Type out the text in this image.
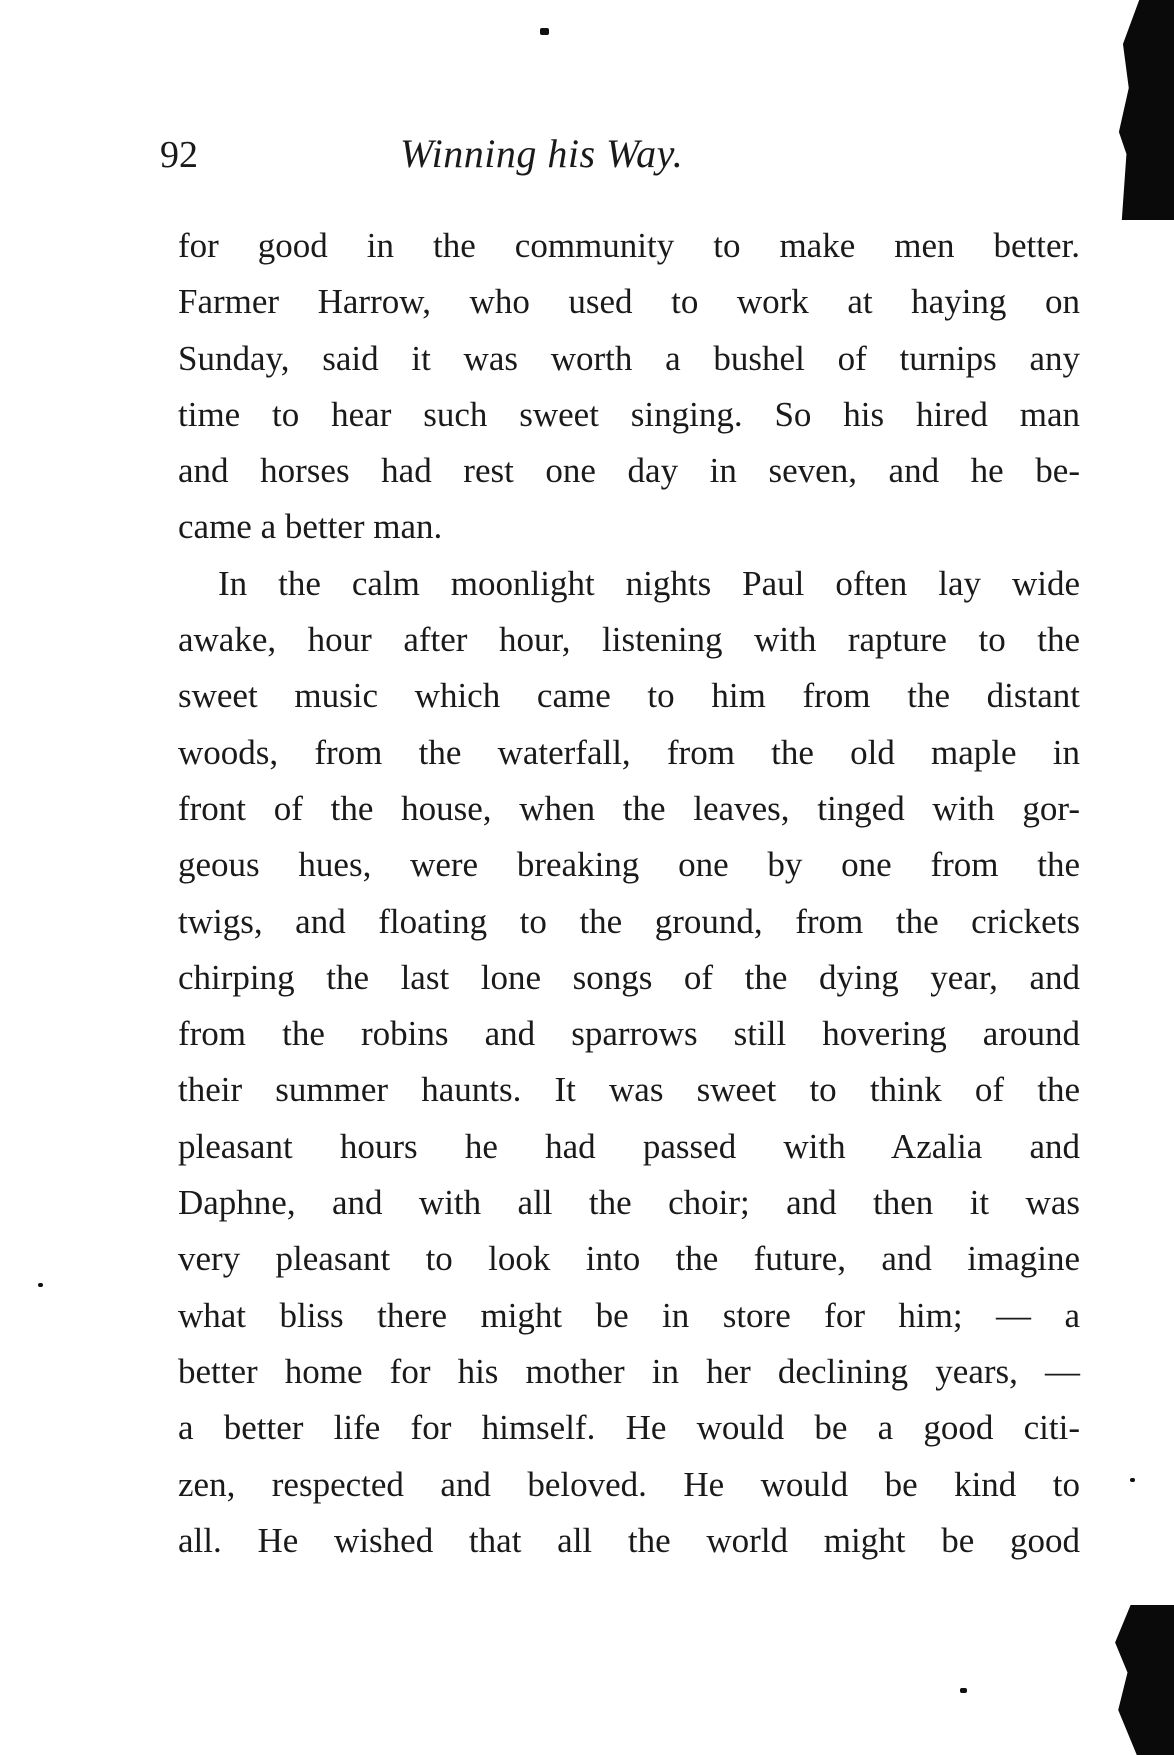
92	Winning his Way.

for good in the community to make men better.
Farmer Harrow, who used to work at haying on
Sunday, said it was worth a bushel of turnips any
time to hear such sweet singing. So his hired man
and horses had rest one day in seven, and he be-
came a better man.

In the calm moonlight nights Paul often lay wide
awake, hour after hour, listening with rapture to the
sweet music which came to him from the distant
woods, from the waterfall, from the old maple in
front of the house, when the leaves, tinged with gor-
geous hues, were breaking one by one from the
twigs, and floating to the ground, from the crickets
chirping the last lone songs of the dying year, and
from the robins and sparrows still hovering around
their summer haunts. It was sweet to think of the
pleasant hours he had passed with Azalia and
Daphne, and with all the choir; and then it was
very pleasant to look into the future, and imagine
what bliss there might be in store for him; — a
better home for his mother in her declining years, —
a better life for himself. He would be a good citi-
zen, respected and beloved. He would be kind to
all. He wished that all the world might be good
